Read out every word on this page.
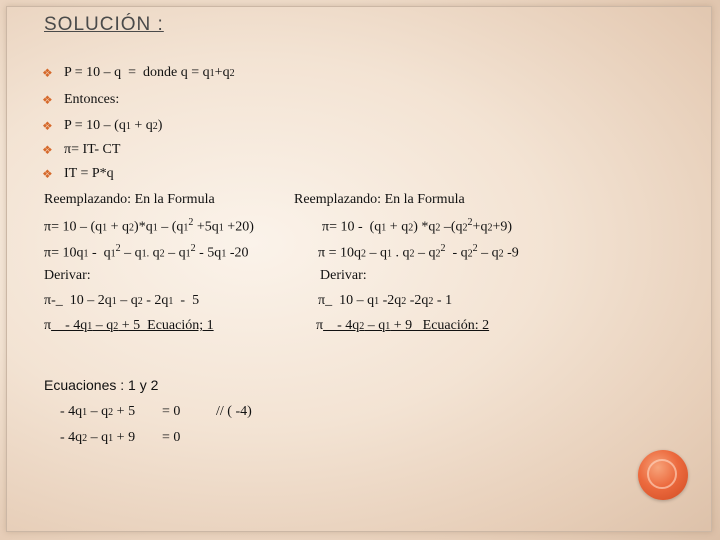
SOLUCIÓN :
❖ P = 10 – q  =  donde q = q1+q2
❖ Entonces:
❖ P = 10 – (q1 + q2)
❖ π= IT- CT
❖ IT = P*q
Reemplazando: En la Formula
$\pi= 10 - (q1 + q2)*q1 - (q1^2 +5q1 +20)$
$\pi= 10q1 - q1^2 - q1$. $q2 - q1^2 - 5q1$ -20
Derivar:
π-_  10 – 2q1 – q2 - 2q1  -  5
π    - 4q1 – q2 + 5  Ecuación; 1
Reemplazando: En la Formula
π= 10 -  (q1 + q2) *q2 $-(q2^2+q2+9)$
π = 10q2 – q1 . $q2 - q2^2 - q2^2 - q2$ -9
Derivar:
π_  10 – q1 -2q2 -2q2 - 1
π    - 4q2 – q1 + 9   Ecuación: 2
Ecuaciones : 1 y 2
- 4q1 – q2 + 5 = 0	// ( -4)
- 4q2 – q1 + 9 = 0
